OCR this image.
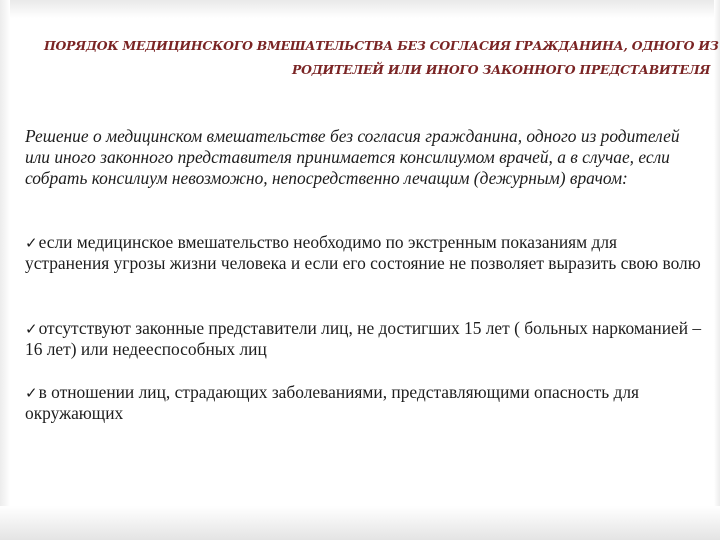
ПОРЯДОК МЕДИЦИНСКОГО ВМЕШАТЕЛЬСТВА БЕЗ СОГЛАСИЯ ГРАЖДАНИНА, ОДНОГО ИЗ
РОДИТЕЛЕЙ ИЛИ ИНОГО ЗАКОННОГО ПРЕДСТАВИТЕЛЯ

Решение о медицинском вмешательстве без согласия гражданина, одного из родителей или иного законного представителя принимается консилиумом врачей, а в случае, если собрать консилиум невозможно, непосредственно лечащим (дежурным) врачом:

✓если медицинское вмешательство необходимо по экстренным показаниям для устранения угрозы жизни человека и если его состояние не позволяет выразить свою волю

✓отсутствуют законные представители лиц, не достигших 15 лет ( больных наркоманией – 16 лет) или недееспособных лиц

✓в отношении лиц, страдающих заболеваниями, представляющими опасность для окружающих
